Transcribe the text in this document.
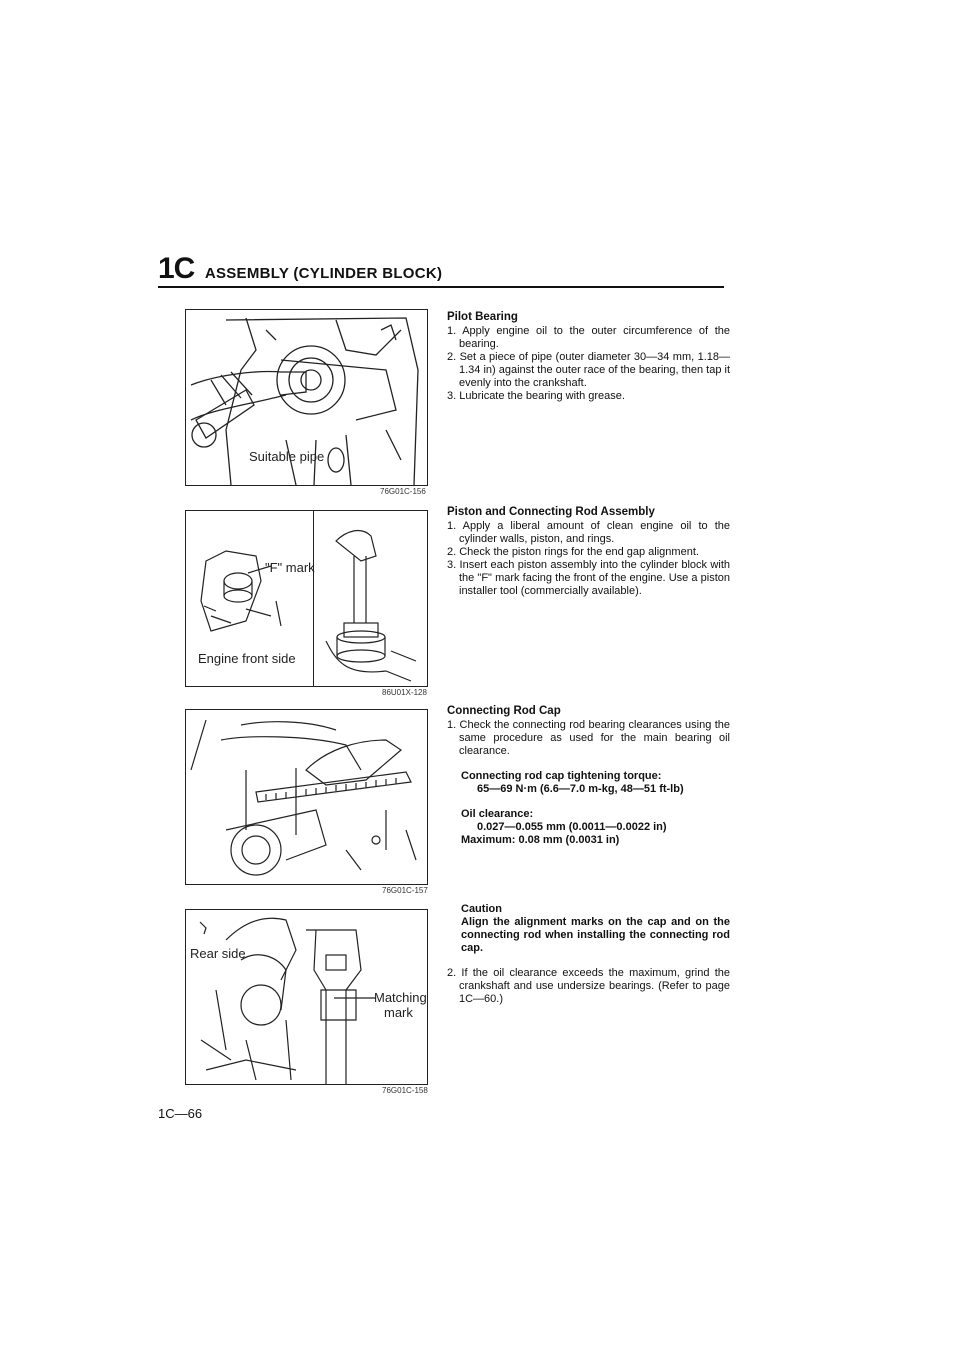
1C ASSEMBLY (CYLINDER BLOCK)
Suitable pipe
76G01C-156
"F" mark
Engine front side
86U01X-128
76G01C-157
Rear side
Matching
mark
76G01C-158
Pilot Bearing
1. Apply engine oil to the outer circumference of the bearing.
2. Set a piece of pipe (outer diameter 30—34 mm, 1.18—1.34 in) against the outer race of the bearing, then tap it evenly into the crankshaft.
3. Lubricate the bearing with grease.
Piston and Connecting Rod Assembly
1. Apply a liberal amount of clean engine oil to the cylinder walls, piston, and rings.
2. Check the piston rings for the end gap alignment.
3. Insert each piston assembly into the cylinder block with the "F" mark facing the front of the engine. Use a piston installer tool (commercially available).
Connecting Rod Cap
1. Check the connecting rod bearing clearances using the same procedure as used for the main bearing oil clearance.
Connecting rod cap tightening torque:
65—69 N·m (6.6—7.0 m-kg, 48—51 ft-lb)
Oil clearance:
0.027—0.055 mm (0.0011—0.0022 in)
Maximum: 0.08 mm (0.0031 in)
Caution
Align the alignment marks on the cap and on the connecting rod when installing the connecting rod cap.
2. If the oil clearance exceeds the maximum, grind the crankshaft and use undersize bearings. (Refer to page 1C—60.)
1C—66
